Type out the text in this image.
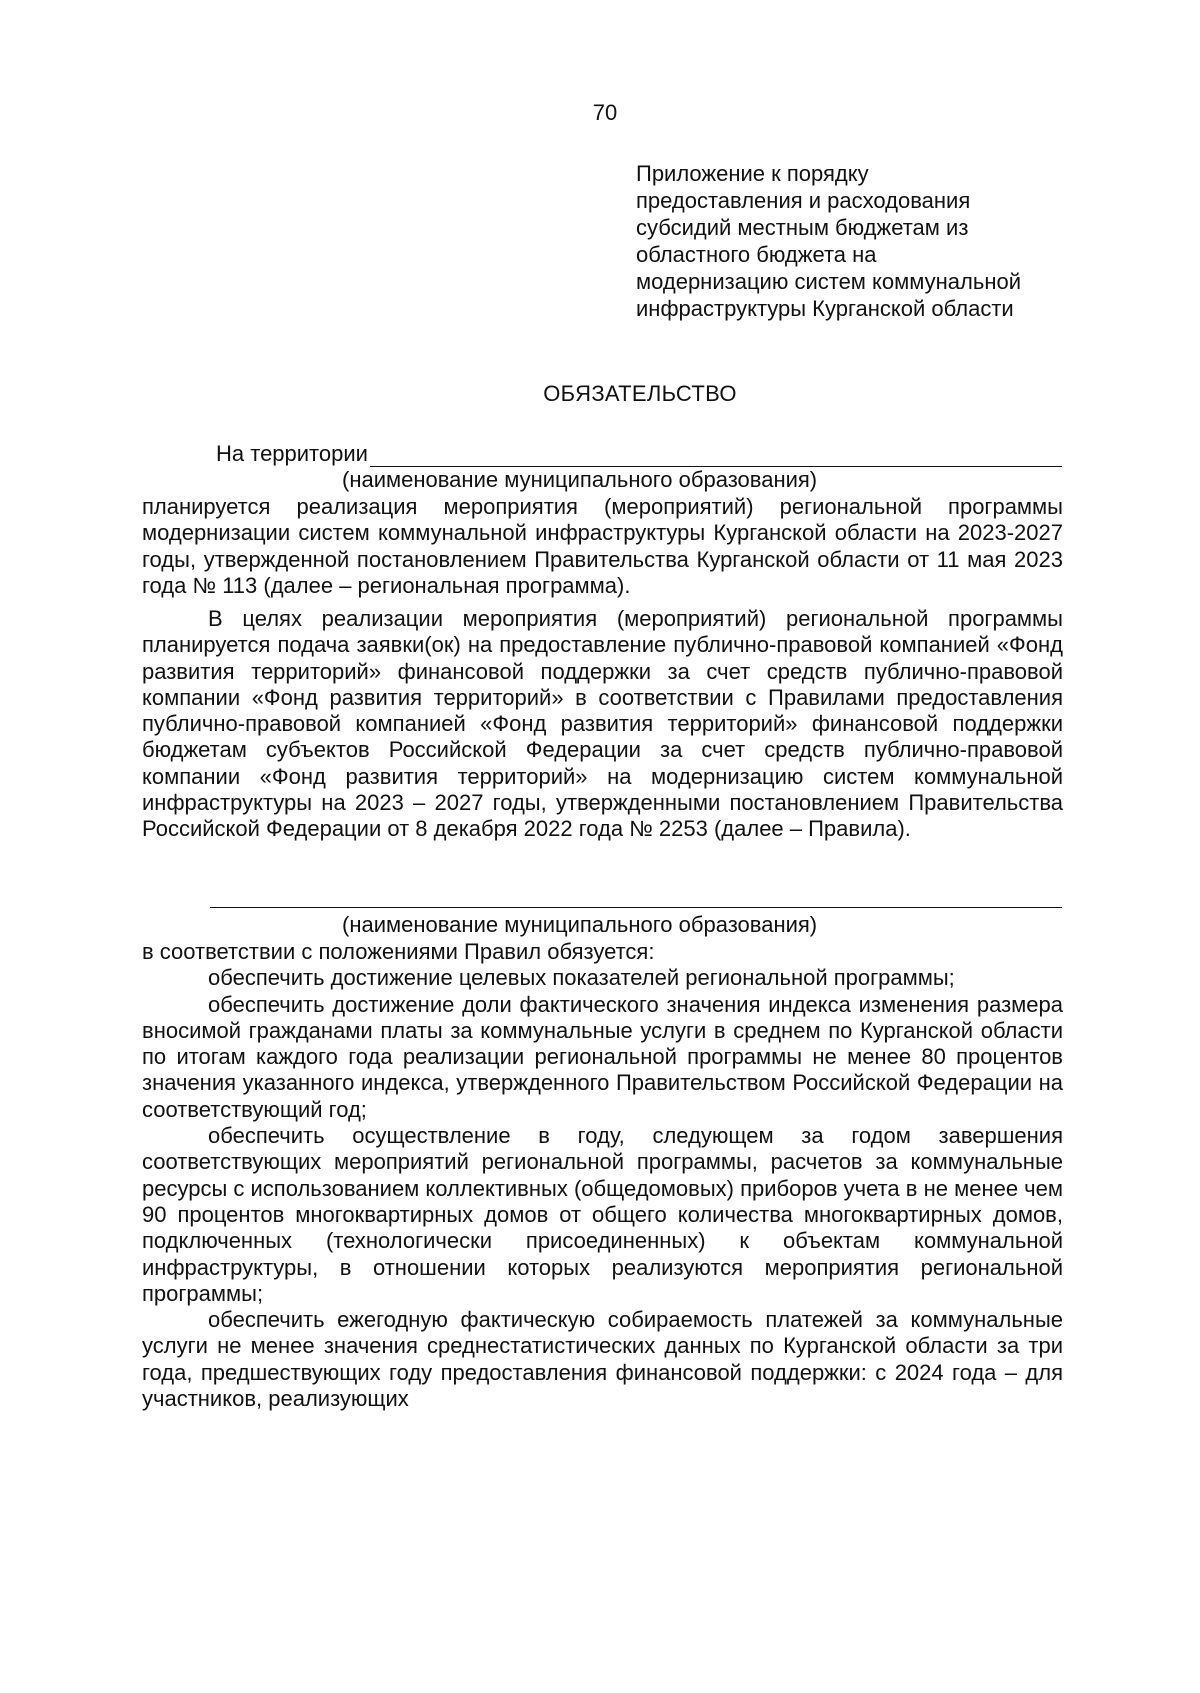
70
Приложение к порядку
предоставления и расходования
субсидий местным бюджетам из
областного бюджета на
модернизацию систем коммунальной
инфраструктуры Курганской области
ОБЯЗАТЕЛЬСТВО
На территории
(наименование муниципального образования)

планируется реализация мероприятия (мероприятий) региональной программы модернизации систем коммунальной инфраструктуры Курганской области на 2023-2027 годы, утвержденной постановлением Правительства Курганской области от 11 мая 2023 года № 113 (далее – региональная программа).

В целях реализации мероприятия (мероприятий) региональной программы планируется подача заявки(ок) на предоставление публично-правовой компанией «Фонд развития территорий» финансовой поддержки за счет средств публично-правовой компании «Фонд развития территорий» в соответствии с Правилами предоставления публично-правовой компанией «Фонд развития территорий» финансовой поддержки бюджетам субъектов Российской Федерации за счет средств публично-правовой компании «Фонд развития территорий» на модернизацию систем коммунальной инфраструктуры на 2023 – 2027 годы, утвержденными постановлением Правительства Российской Федерации от 8 декабря 2022 года № 2253 (далее – Правила).

(наименование муниципального образования)

в соответствии с положениями Правил обязуется:

обеспечить достижение целевых показателей региональной программы;

обеспечить достижение доли фактического значения индекса изменения размера вносимой гражданами платы за коммунальные услуги в среднем по Курганской области по итогам каждого года реализации региональной программы не менее 80 процентов значения указанного индекса, утвержденного Правительством Российской Федерации на соответствующий год;

обеспечить осуществление в году, следующем за годом завершения соответствующих мероприятий региональной программы, расчетов за коммунальные ресурсы с использованием коллективных (общедомовых) приборов учета в не менее чем 90 процентов многоквартирных домов от общего количества многоквартирных домов, подключенных (технологически присоединенных) к объектам коммунальной инфраструктуры, в отношении которых реализуются мероприятия региональной программы;

обеспечить ежегодную фактическую собираемость платежей за коммунальные услуги не менее значения среднестатистических данных по Курганской области за три года, предшествующих году предоставления финансовой поддержки: с 2024 года – для участников, реализующих
